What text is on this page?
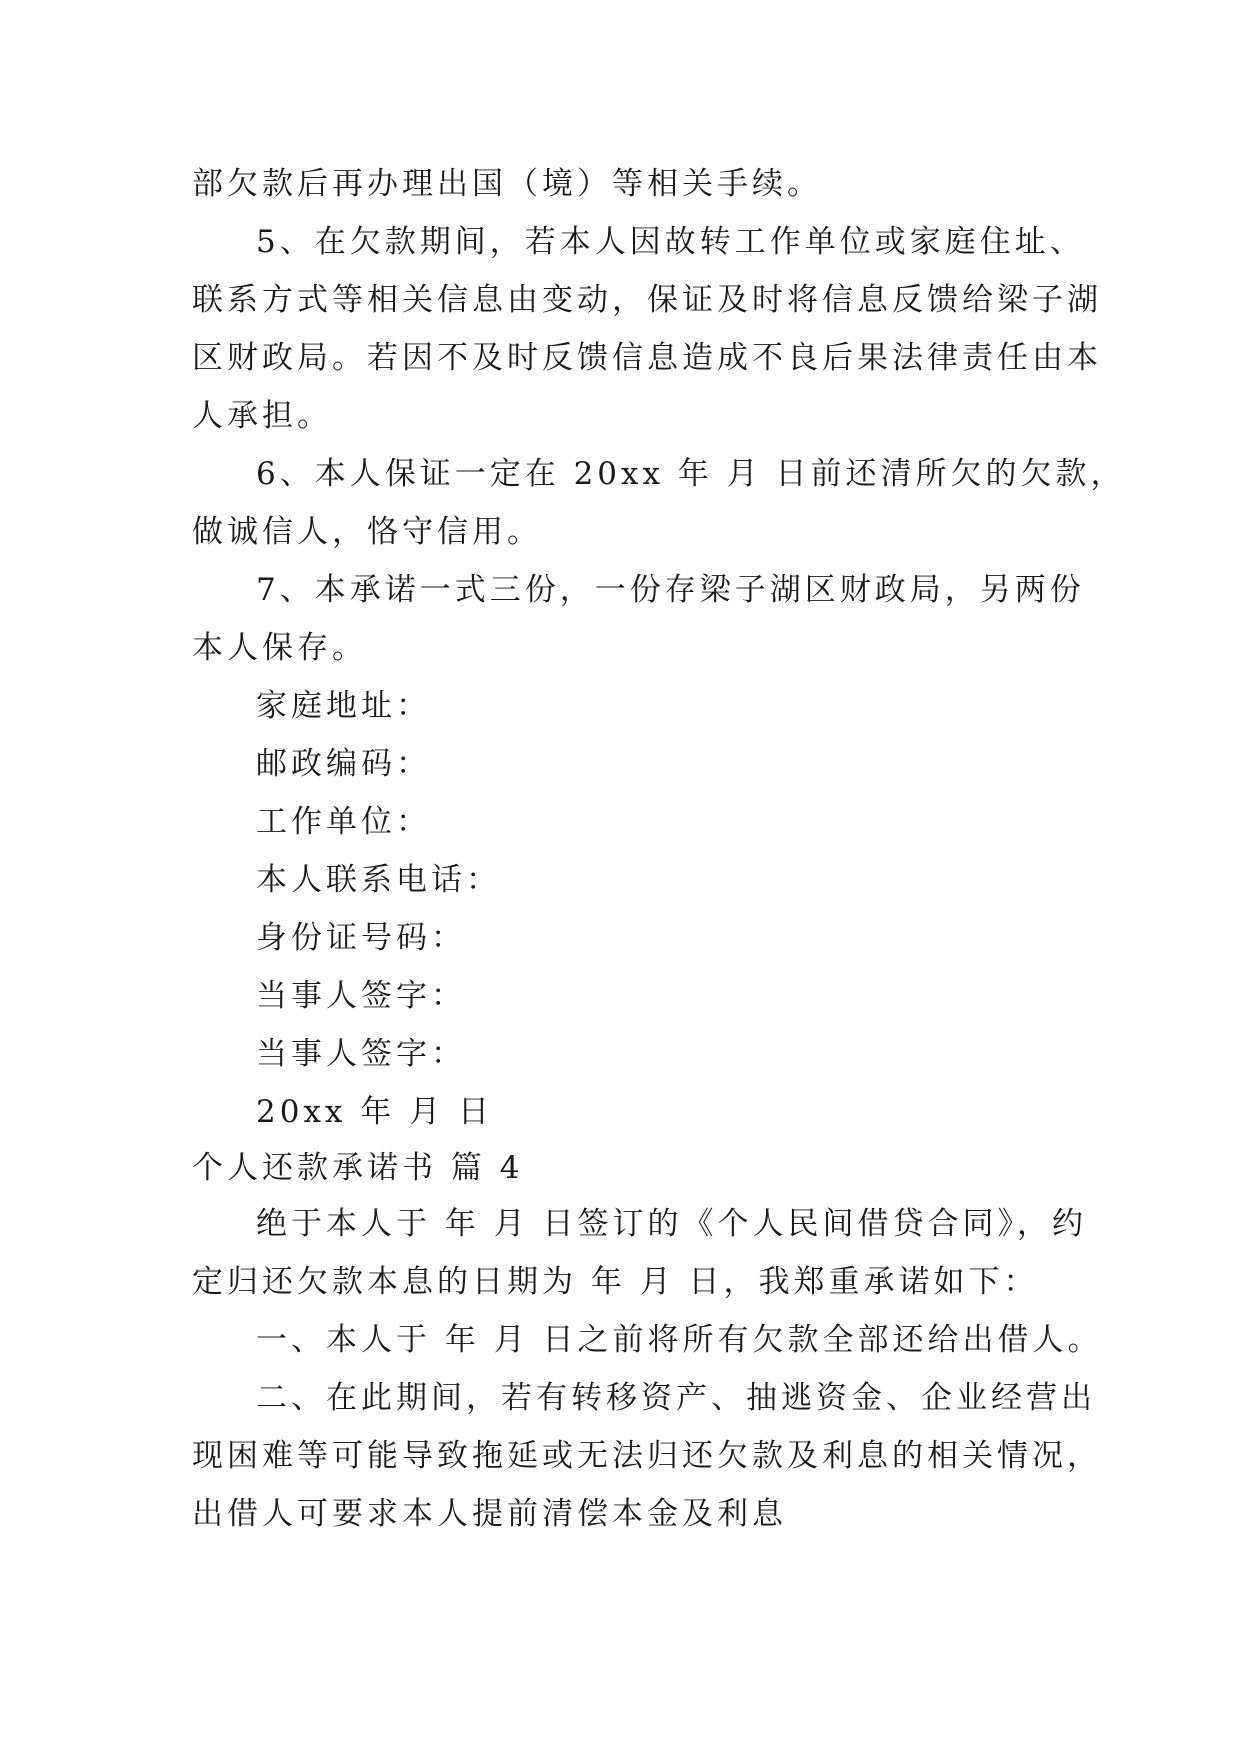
部欠款后再办理出国（境）等相关手续。
5、在欠款期间，若本人因故转工作单位或家庭住址、
联系方式等相关信息由变动，保证及时将信息反馈给梁子湖
区财政局。若因不及时反馈信息造成不良后果法律责任由本
人承担。
6、本人保证一定在 20xx 年 月 日前还清所欠的欠款，
做诚信人，恪守信用。
7、本承诺一式三份，一份存梁子湖区财政局，另两份
本人保存。
家庭地址：
邮政编码：
工作单位：
本人联系电话：
身份证号码：
当事人签字：
当事人签字：
20xx 年 月 日
个人还款承诺书 篇 4
绝于本人于 年 月 日签订的《个人民间借贷合同》，约
定归还欠款本息的日期为 年 月 日，我郑重承诺如下：
一、本人于 年 月 日之前将所有欠款全部还给出借人。
二、在此期间，若有转移资产、抽逃资金、企业经营出
现困难等可能导致拖延或无法归还欠款及利息的相关情况，
出借人可要求本人提前清偿本金及利息
